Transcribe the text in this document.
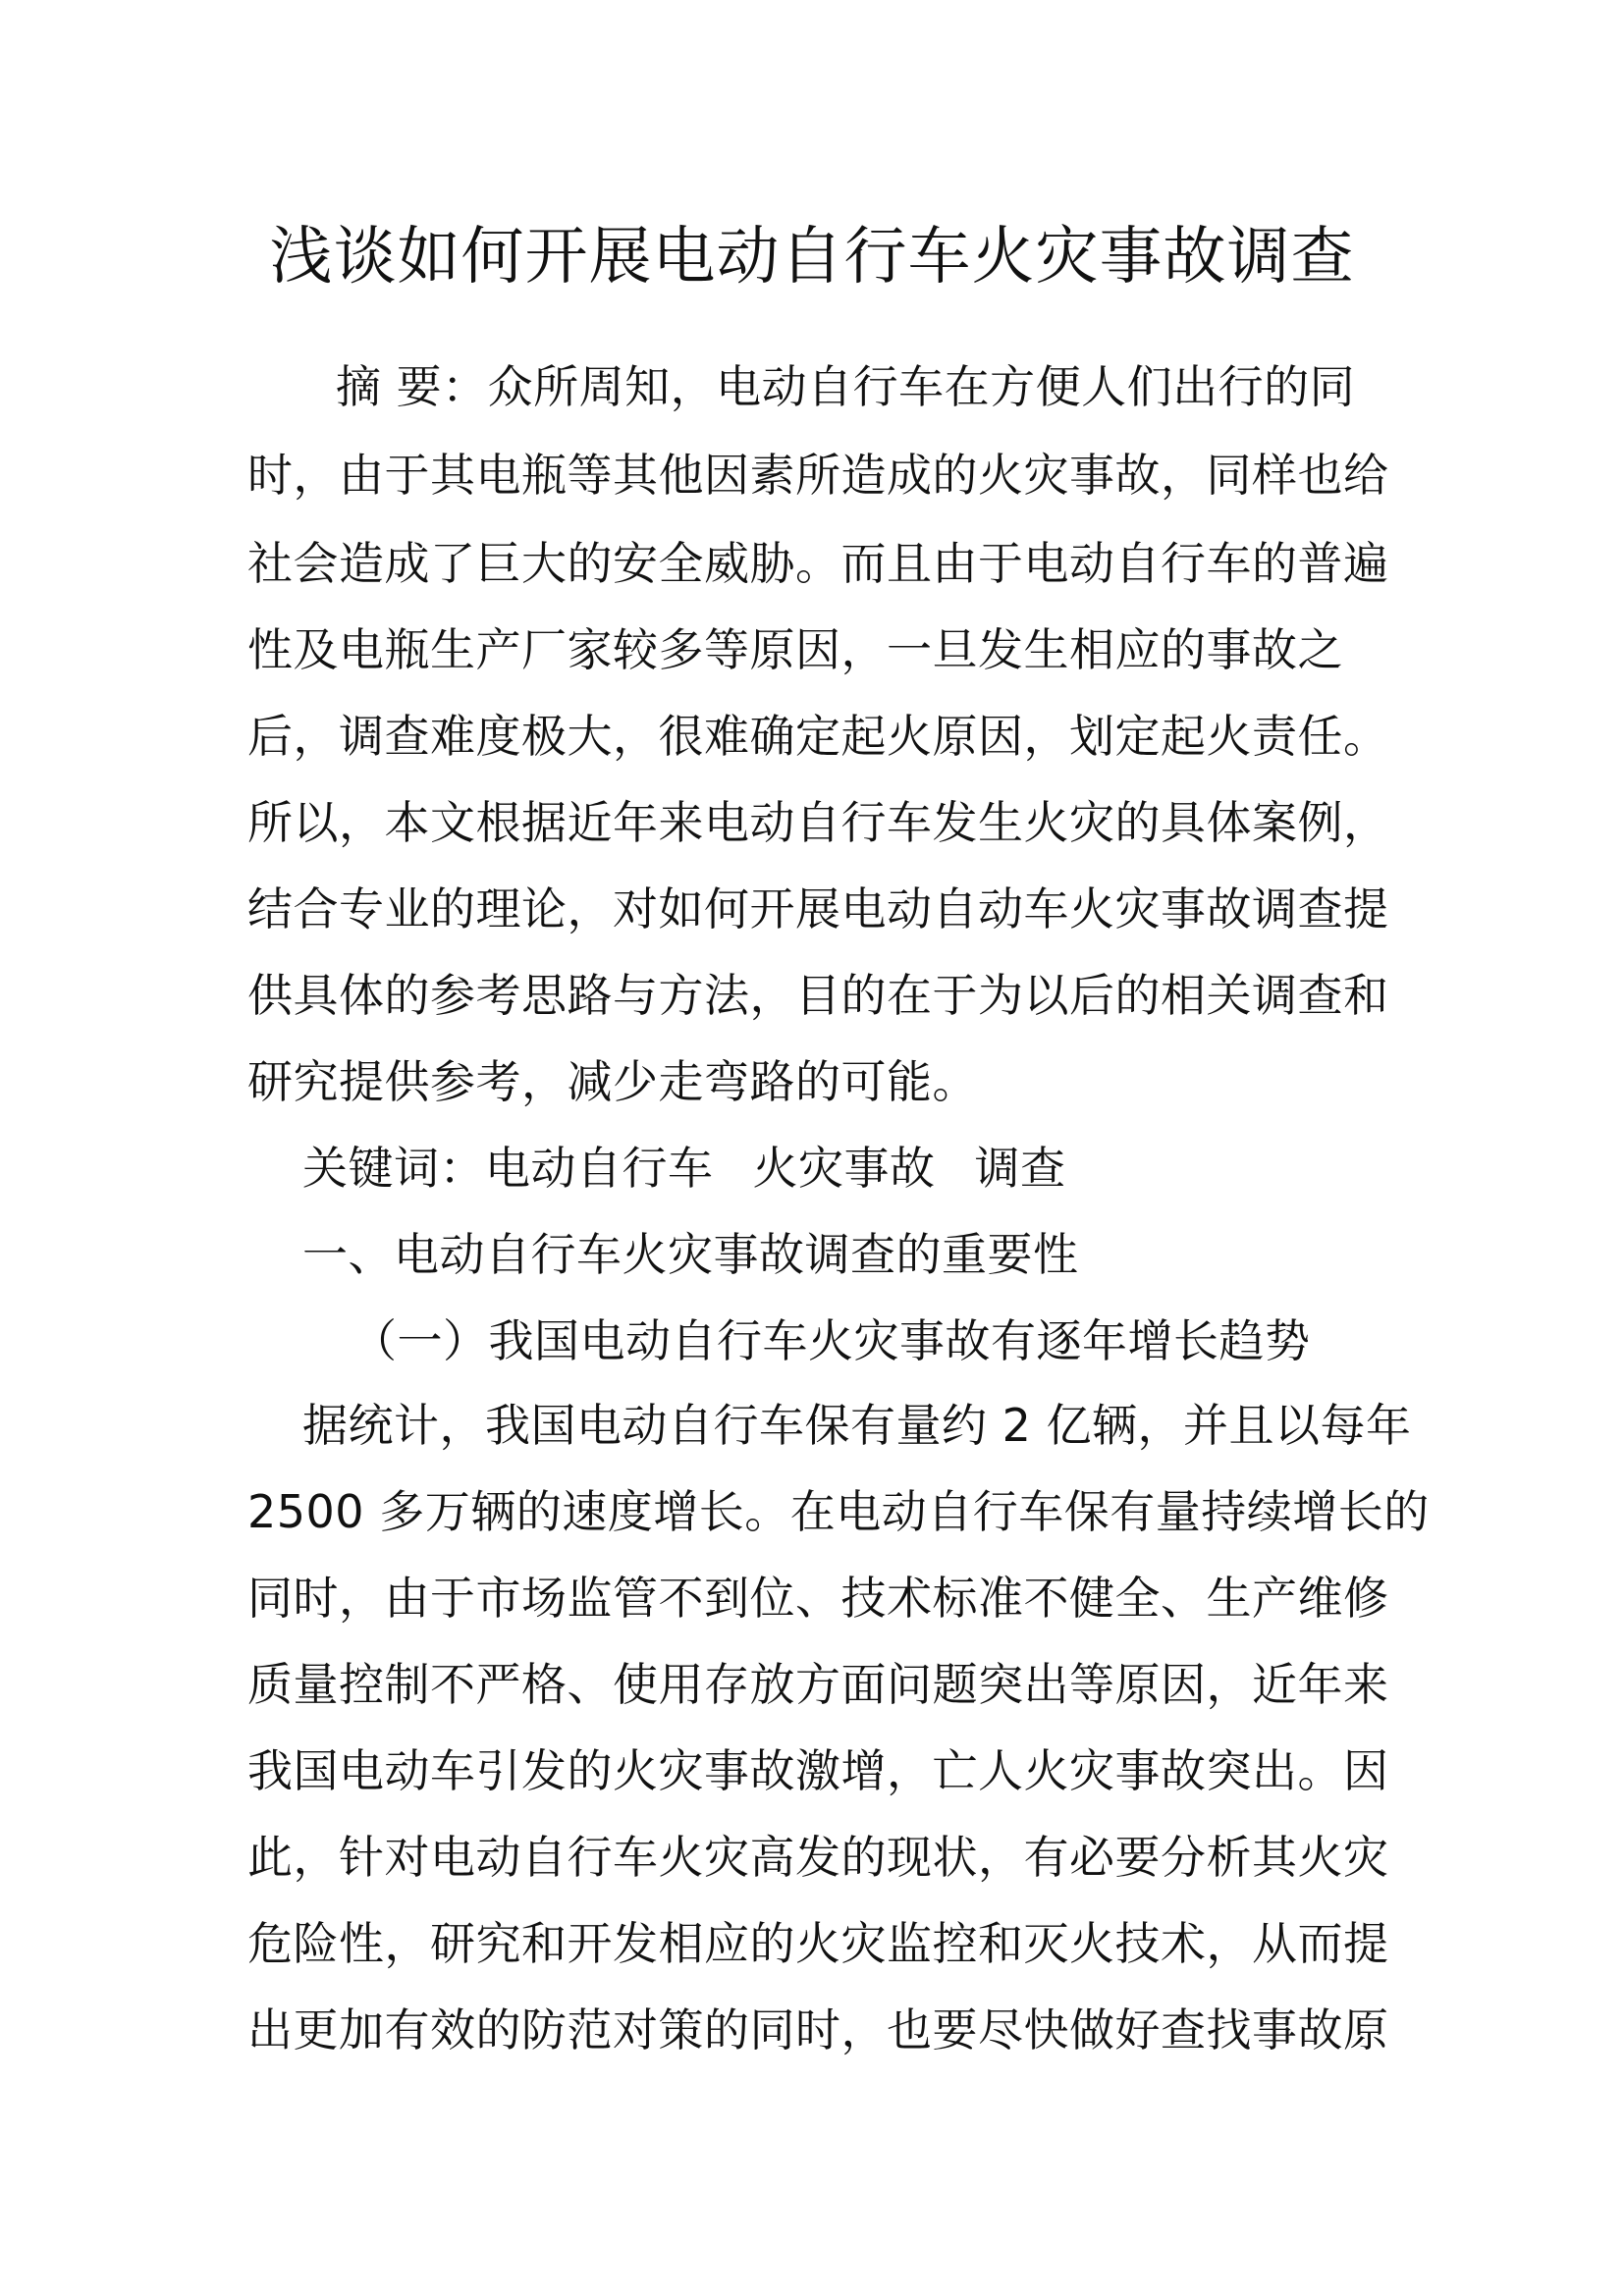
浅谈如何开展电动自行车火灾事故调查
摘 要：众所周知，电动自行车在方便人们出行的同
时，由于其电瓶等其他因素所造成的火灾事故，同样也给
社会造成了巨大的安全威胁。而且由于电动自行车的普遍
性及电瓶生产厂家较多等原因，一旦发生相应的事故之
后，调查难度极大，很难确定起火原因，划定起火责任。
所以，本文根据近年来电动自行车发生火灾的具体案例，
结合专业的理论，对如何开展电动自动车火灾事故调查提
供具体的参考思路与方法，目的在于为以后的相关调查和
研究提供参考，减少走弯路的可能。
关键词：电动自行车 火灾事故 调查
一、电动自行车火灾事故调查的重要性
（一）我国电动自行车火灾事故有逐年增长趋势
据统计，我国电动自行车保有量约 2 亿辆，并且以每年
2500 多万辆的速度增长。在电动自行车保有量持续增长的
同时，由于市场监管不到位、技术标准不健全、生产维修
质量控制不严格、使用存放方面问题突出等原因，近年来
我国电动车引发的火灾事故激增，亡人火灾事故突出。因
此，针对电动自行车火灾高发的现状，有必要分析其火灾
危险性，研究和开发相应的火灾监控和灭火技术，从而提
出更加有效的防范对策的同时，也要尽快做好查找事故原
